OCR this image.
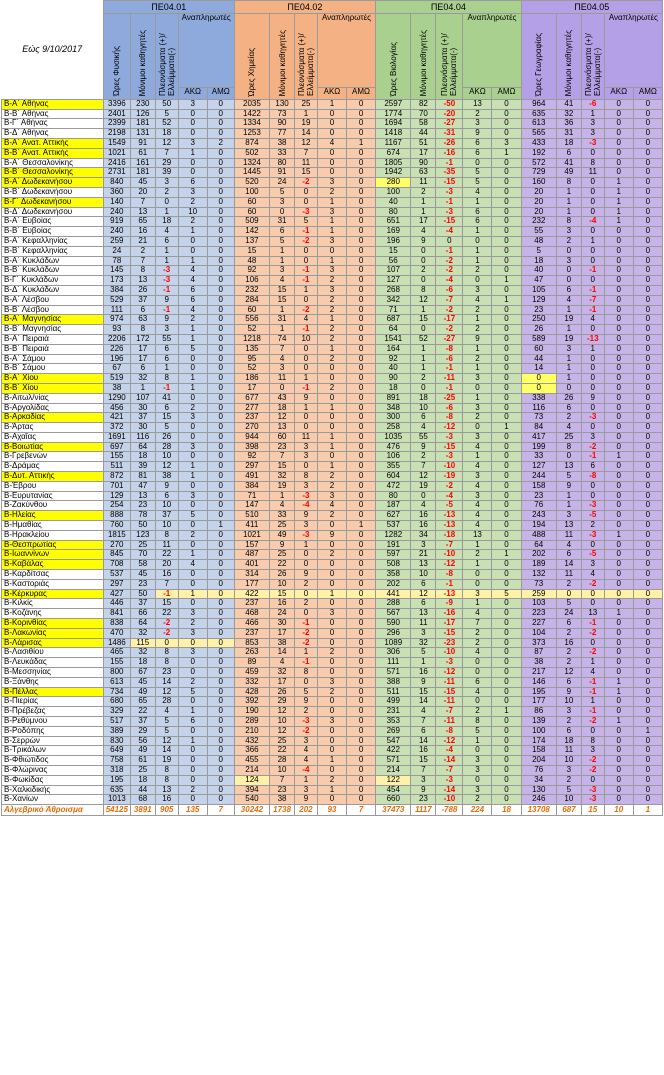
Εώς 9/10/2017	ΠΕ04.01					ΠΕ04.02					ΠΕ04.04					ΠΕ04.05				
	Ώρες Φυσικής	Μόνιμοι καθηγητές	Πλεονάσματα (+)/ Ελλείμματα(-)	Αναπληρωτές		Ώρες Χημείας	Μόνιμοι καθηγητές	Πλεονάσματα (+)/ Ελλείμματα(-)	Αναπληρωτές		Ώρες Βιολογίας	Μόνιμοι καθηγητές	Πλεονάσματα (+)/ Ελλείμματα(-)	Αναπληρωτές		Ώρες Γεωγραφίας	Μόνιμοι καθηγητές	Πλεονάσματα (+)/ Ελλείμματα(-)	Αναπληρωτές	
				ΑΚΩ	ΑΜΩ				ΑΚΩ	ΑΜΩ				ΑΚΩ	ΑΜΩ				ΑΚΩ	ΑΜΩ
Β-Α΄ Αθήνας	3396	230	50	3	0	2035	130	25	1	0	2597	82	-50	13	0	964	41	-6	0	0
Β-Β΄ Αθήνας	2401	126	5	0	0	1422	73	1	0	0	1774	70	-20	2	0	635	32	1	0	0
Β-Γ΄ Αθήνας	2399	181	52	0	0	1334	90	19	0	0	1694	58	-27	3	0	613	36	3	0	0
Β-Δ΄ Αθήνας	2198	131	18	0	0	1253	77	14	0	0	1418	44	-31	9	0	565	31	3	0	0
Β-Α΄ Ανατ. Αττικής	1549	91	12	3	2	874	38	12	4	1	1167	51	-26	6	3	433	18	-3	0	0
Β-Β΄ Ανατ. Αττικής	1021	61	7	1	0	502	33	7	0	0	674	17	-16	6	1	192	6	0	0	0
Β-Α΄ Θεσσαλονίκης	2416	161	29	0	0	1324	80	11	0	0	1805	90	-1	0	0	572	41	8	0	0
Β-Β΄ Θεσσαλονίκης	2731	181	39	0	0	1445	91	15	0	0	1942	63	-35	5	0	729	49	11	0	0
Β-Α΄ Δωδεκανήσου	840	45	3	6	0	520	24	-2	3	0	280	11	-15	5	0	160	8	0	1	0
Β-Β΄ Δωδεκανήσου	360	20	2	3	0	100	5	0	2	0	100	2	-3	4	0	20	1	0	1	0
Β-Γ΄ Δωδεκανήσου	140	7	0	2	0	60	3	0	1	0	40	1	-1	1	0	20	1	0	1	0
Β-Δ΄ Δωδεκανήσου	240	13	1	10	0	60	0	-3	3	0	80	1	-3	6	0	20	1	0	1	0
Β-Α΄ Ευβοίας	919	65	18	2	0	509	31	5	1	0	651	17	-15	6	0	232	8	-4	1	0
Β-Β΄ Ευβοίας	240	16	4	1	0	142	6	-1	1	0	169	4	-4	1	0	55	3	0	0	0
Β-Α΄ Κεφαλληνίας	259	21	6	0	0	137	5	-2	3	0	196	9	0	0	0	48	2	1	0	0
Β-Β΄ Κεφαλληνίας	24	2	1	0	0	15	1	0	0	0	15	0	-1	1	0	5	0	0	0	0
Β-Α΄ Κυκλάδων	78	7	1	1	0	48	1	0	1	0	56	0	-2	1	0	18	3	0	0	0
Β-Β΄ Κυκλάδων	145	8	-3	4	0	92	3	-1	3	0	107	2	-2	2	0	40	0	-1	0	0
Β-Γ΄ Κυκλάδων	173	13	-3	4	0	106	4	-1	2	0	127	0	-4	0	1	47	0	0	0	0
Β-Δ΄ Κυκλάδων	384	26	-1	6	0	232	15	1	3	0	268	8	-6	3	0	105	6	-1	0	0
Β-Α΄ Λέσβου	529	37	9	6	0	284	15	0	2	0	342	12	-7	4	1	129	4	-7	0	0
Β-Β΄ Λέσβου	111	6	-1	4	0	60	1	-2	2	0	71	1	-2	2	0	23	1	-1	0	0
Β-Α΄ Μαγνησίας	974	63	9	2	0	556	31	4	1	0	687	15	-17	1	0	250	19	4	0	0
Β-Β΄ Μαγνησίας	93	8	3	1	0	52	1	-1	2	0	64	0	-2	2	0	26	1	0	0	0
Β-Α΄ Πειραιά	2206	172	55	1	0	1218	74	10	2	0	1541	52	-27	9	0	589	19	-13	0	0
Β-Β΄ Πειραιά	226	17	6	5	0	135	7	0	1	0	164	1	-8	1	0	60	3	1	0	0
Β-Α΄ Σάμου	196	17	6	0	0	95	4	0	2	0	92	1	-6	2	0	44	1	0	0	0
Β-Β΄ Σάμου	67	6	1	0	0	52	3	0	0	0	40	1	-1	1	0	14	1	0	0	0
Β-Α΄ Χίου	519	32	8	1	0	186	11	1	0	0	90	2	-11	3	0	0	1	0	0	0
Β-Β΄ Χίου	38	1	-1	1	0	17	0	-1	2	0	18	0	-1	0	0	0	0	0	0	0
Β-Αιτωλ/νίας	1290	107	41	0	0	677	43	9	0	0	891	18	-25	1	0	338	26	9	0	0
Β-Αργολίδας	456	30	6	2	0	277	18	1	1	0	348	10	-6	3	0	116	6	0	0	0
Β-Αρκαδίας	421	37	15	3	0	237	12	0	0	0	300	6	-8	2	0	73	2	-3	0	0
Β-Άρτας	372	30	5	0	0	270	13	0	0	0	258	4	-12	0	1	84	4	0	0	0
Β-Αχαΐας	1691	116	26	0	0	944	60	11	1	0	1035	55	-3	3	0	417	25	3	0	0
Β-Βοιωτίας	697	64	28	3	0	398	23	3	1	0	476	9	-15	4	0	199	8	-2	0	0
Β-Γρεβενών	155	18	10	0	0	92	7	3	0	0	106	2	-3	1	0	33	0	-1	1	0
Β-Δράμας	511	39	12	1	0	297	15	0	1	0	355	7	-10	4	0	127	13	6	0	0
Β-Δυτ. Αττικής	872	81	38	1	0	491	32	8	2	0	604	12	-19	3	0	244	5	-8	0	0
Β-Έβρου	701	47	9	0	0	384	19	3	2	0	472	19	-2	4	0	158	9	0	0	0
Β-Ευρυτανίας	129	13	6	3	0	71	1	-3	3	0	80	0	-4	3	0	23	1	0	0	0
Β-Ζακύνθου	254	23	10	0	0	147	4	-4	4	0	187	4	-5	4	0	76	1	-3	0	0
Β-Ηλείας	888	78	37	5	0	510	33	9	2	0	627	16	-13	4	0	243	3	-5	0	0
Β-Ημαθίας	760	50	10	0	1	411	25	3	0	1	537	16	-13	4	0	194	13	2	0	0
Β-Ηρακλείου	1815	123	8	2	0	1021	49	-3	9	0	1282	34	-18	13	0	488	11	-3	1	0
Β-Θεσπρωτίας	270	25	11	0	0	157	9	1	0	0	191	3	-7	1	0	64	4	0	0	0
Β-Ιωαννίνων	845	70	22	1	0	487	25	0	2	0	597	21	-10	2	1	202	6	-5	0	0
Β-Καβάλας	708	58	20	4	0	401	22	0	0	0	508	13	-12	1	0	189	14	3	0	0
Β-Καρδίτσας	537	45	16	0	0	314	26	9	0	0	358	10	-8	0	0	132	11	4	0	0
Β-Καστοριάς	297	23	7	0	0	177	10	2	0	0	202	6	-1	0	0	73	2	-2	0	0
Β-Κέρκυρας	427	50	-1	1	0	422	15	0	1	0	441	12	-13	3	5	259	0	0	0	0
Β-Κιλκίς	446	37	15	0	0	237	16	2	0	0	288	6	-9	1	0	103	5	0	0	0
Β-Κοζάνης	841	66	22	3	0	468	24	0	3	0	567	13	-16	4	0	223	24	13	1	0
Β-Κορινθίας	838	64	-2	2	0	466	30	-1	0	0	590	11	-17	7	0	227	6	-1	0	0
Β-Λακωνίας	470	32	-2	3	0	237	17	-2	0	0	296	3	-15	2	0	104	2	-2	0	0
Β-Λάρισας	1486	115	0	0	0	853	38	-2	0	0	1089	32	-23	2	0	373	16	0	0	0
Β-Λασιθίου	465	32	8	3	0	263	14	1	2	0	306	5	-10	4	0	87	2	-2	0	0
Β-Λευκάδας	155	18	8	0	0	89	4	-1	0	0	111	1	-3	0	0	38	2	1	0	0
Β-Μεσσηνίας	800	67	23	0	0	459	32	8	0	0	571	16	-12	0	0	217	12	4	0	0
Β-Ξάνθης	613	45	14	2	0	332	17	0	3	0	388	9	-11	6	0	146	6	-1	1	0
Β-Πέλλας	734	49	12	5	0	428	26	5	2	0	511	15	-15	4	0	195	9	-1	1	0
Β-Πιερίας	680	65	28	0	0	392	29	9	0	0	499	14	-11	0	0	177	10	1	0	0
Β-Πρέβεζας	329	22	4	1	0	190	12	2	0	0	231	4	-7	2	1	86	3	-1	0	0
Β-Ρεθύμνου	517	37	5	6	0	289	10	-3	3	0	353	7	-11	8	0	139	2	-2	1	0
Β-Ροδόπης	389	29	5	0	0	210	12	-2	0	0	269	6	-8	5	0	100	6	0	0	1
Β-Σερρών	830	56	12	1	0	432	25	3	0	0	547	14	-12	1	0	174	18	8	0	0
Β-Τρικάλων	649	49	14	0	0	366	22	4	0	0	422	16	-4	0	0	158	11	3	0	0
Β-Φθιώτιδος	758	61	19	0	0	455	28	4	1	0	571	15	-14	3	0	204	10	-2	0	0
Β-Φλώρινας	318	25	8	0	0	214	10	-4	0	0	214	7	-7	3	0	76	3	-2	0	0
Β-Φωκίδας	195	18	8	0	0	124	7	1	2	0	122	3	-3	0	0	34	2	0	0	0
Β-Χαλκιδικής	635	44	13	2	0	394	23	3	1	0	454	9	-14	3	0	130	5	-3	0	0
Β-Χανίων	1013	68	16	0	0	540	38	9	0	0	660	23	-10	2	0	246	10	-3	0	0
Αλγεβρικό Άθροισμα	54125	3891	905	135	7	30242	1738	202	93	7	37473	1117	-788	224	18	13708	687	15	10	1
